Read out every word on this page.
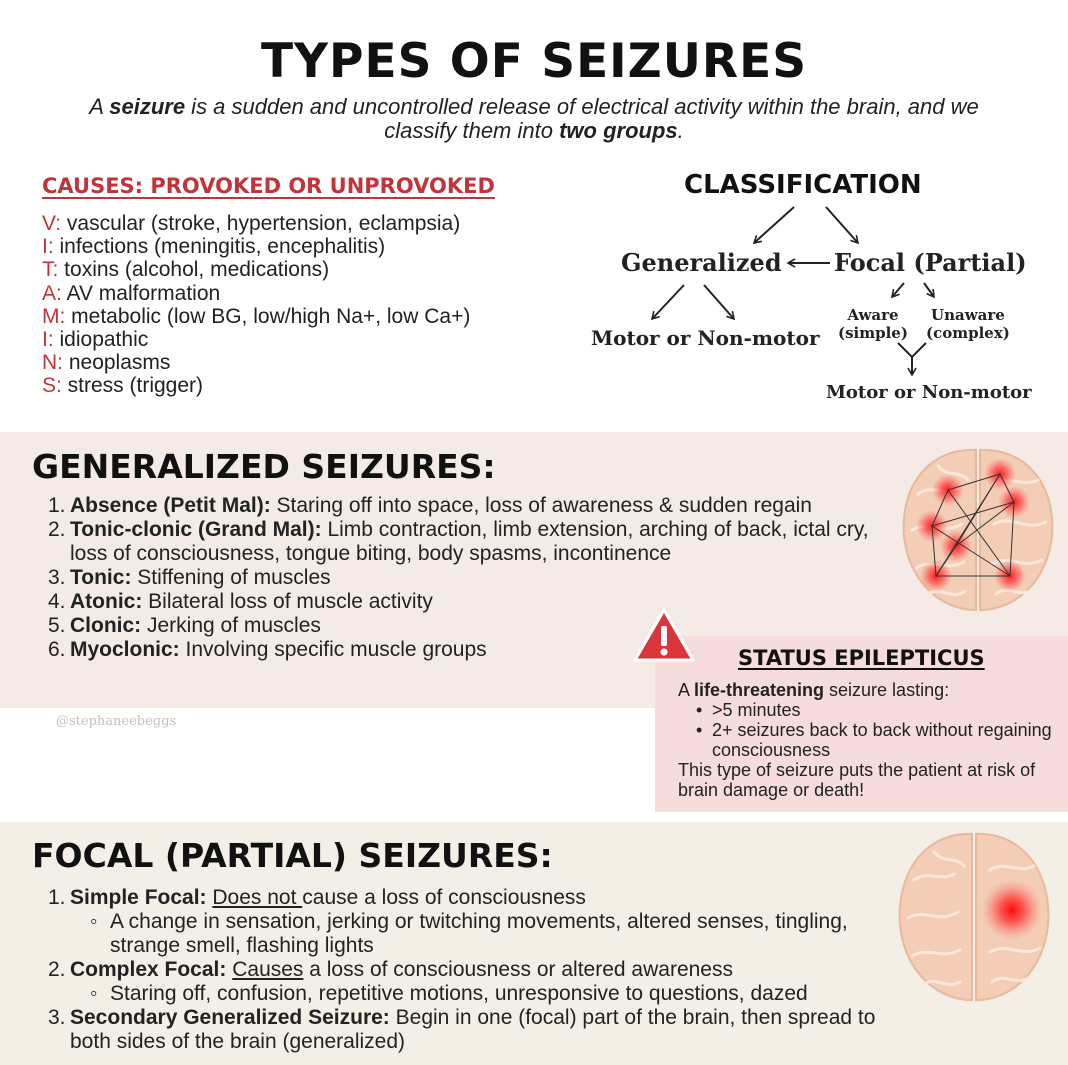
TYPES OF SEIZURES
A seizure is a sudden and uncontrolled release of electrical activity within the brain, and we classify them into two groups.
CAUSES: PROVOKED OR UNPROVOKED
V: vascular (stroke, hypertension, eclampsia)
I: infections (meningitis, encephalitis)
T: toxins (alcohol, medications)
A: AV malformation
M: metabolic (low BG, low/high Na+, low Ca+)
I: idiopathic
N: neoplasms
S: stress (trigger)
CLASSIFICATION
Generalized Focal (Partial)
Motor or Non-motor
Aware
(simple)
Unaware
(complex)
Motor or Non-motor
GENERALIZED SEIZURES:
1. Absence (Petit Mal): Staring off into space, loss of awareness & sudden regain
2. Tonic-clonic (Grand Mal): Limb contraction, limb extension, arching of back, ictal cry, loss of consciousness, tongue biting, body spasms, incontinence
3. Tonic: Stiffening of muscles
4. Atonic: Bilateral loss of muscle activity
5. Clonic: Jerking of muscles
6. Myoclonic: Involving specific muscle groups
@stephaneebeggs
STATUS EPILEPTICUS
A life-threatening seizure lasting:
• >5 minutes
• 2+ seizures back to back without regaining consciousness
This type of seizure puts the patient at risk of brain damage or death!
FOCAL (PARTIAL) SEIZURES:
1. Simple Focal: Does not cause a loss of consciousness
◦ A change in sensation, jerking or twitching movements, altered senses, tingling, strange smell, flashing lights
2. Complex Focal: Causes a loss of consciousness or altered awareness
◦ Staring off, confusion, repetitive motions, unresponsive to questions, dazed
3. Secondary Generalized Seizure: Begin in one (focal) part of the brain, then spread to both sides of the brain (generalized)
